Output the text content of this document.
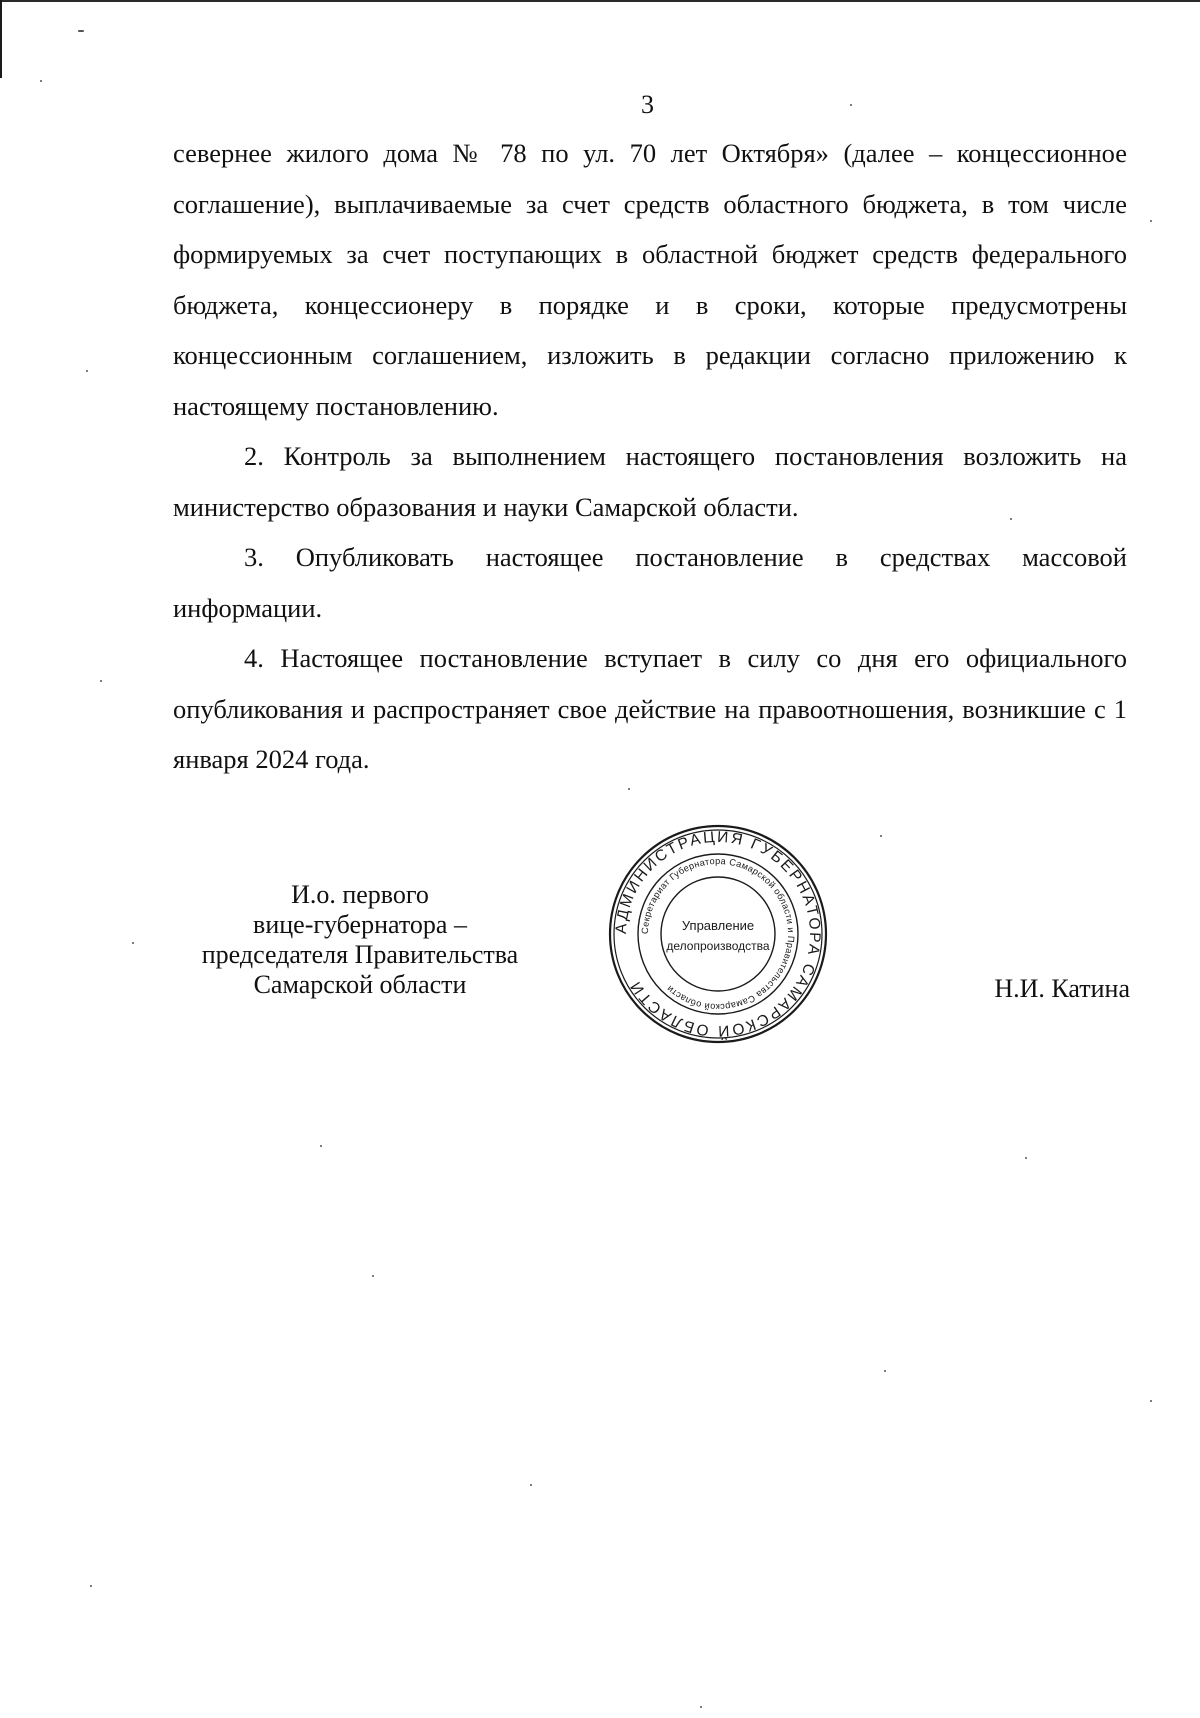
3

севернее жилого дома № 78 по ул. 70 лет Октября» (далее – концессионное соглашение), выплачиваемые за счет средств областного бюджета, в том числе формируемых за счет поступающих в областной бюджет средств федерального бюджета, концессионеру в порядке и в сроки, которые предусмотрены концессионным соглашением, изложить в редакции согласно приложению к настоящему постановлению.

2. Контроль за выполнением настоящего постановления возложить на министерство образования и науки Самарской области.

3. Опубликовать настоящее постановление в средствах массовой информации.

4. Настоящее постановление вступает в силу со дня его официального опубликования и распространяет свое действие на правоотношения, возникшие с 1 января 2024 года.

И.о. первого
вице-губернатора –
председателя Правительства
Самарской области
АДМИНИСТРАЦИЯ ГУБЕРНАТОРА САМАРСКОЙ ОБЛАСТИ
Секретариат Губернатора Самарской области и Правительства Самарской области
Управление
делопроизводства
Н.И. Катина
